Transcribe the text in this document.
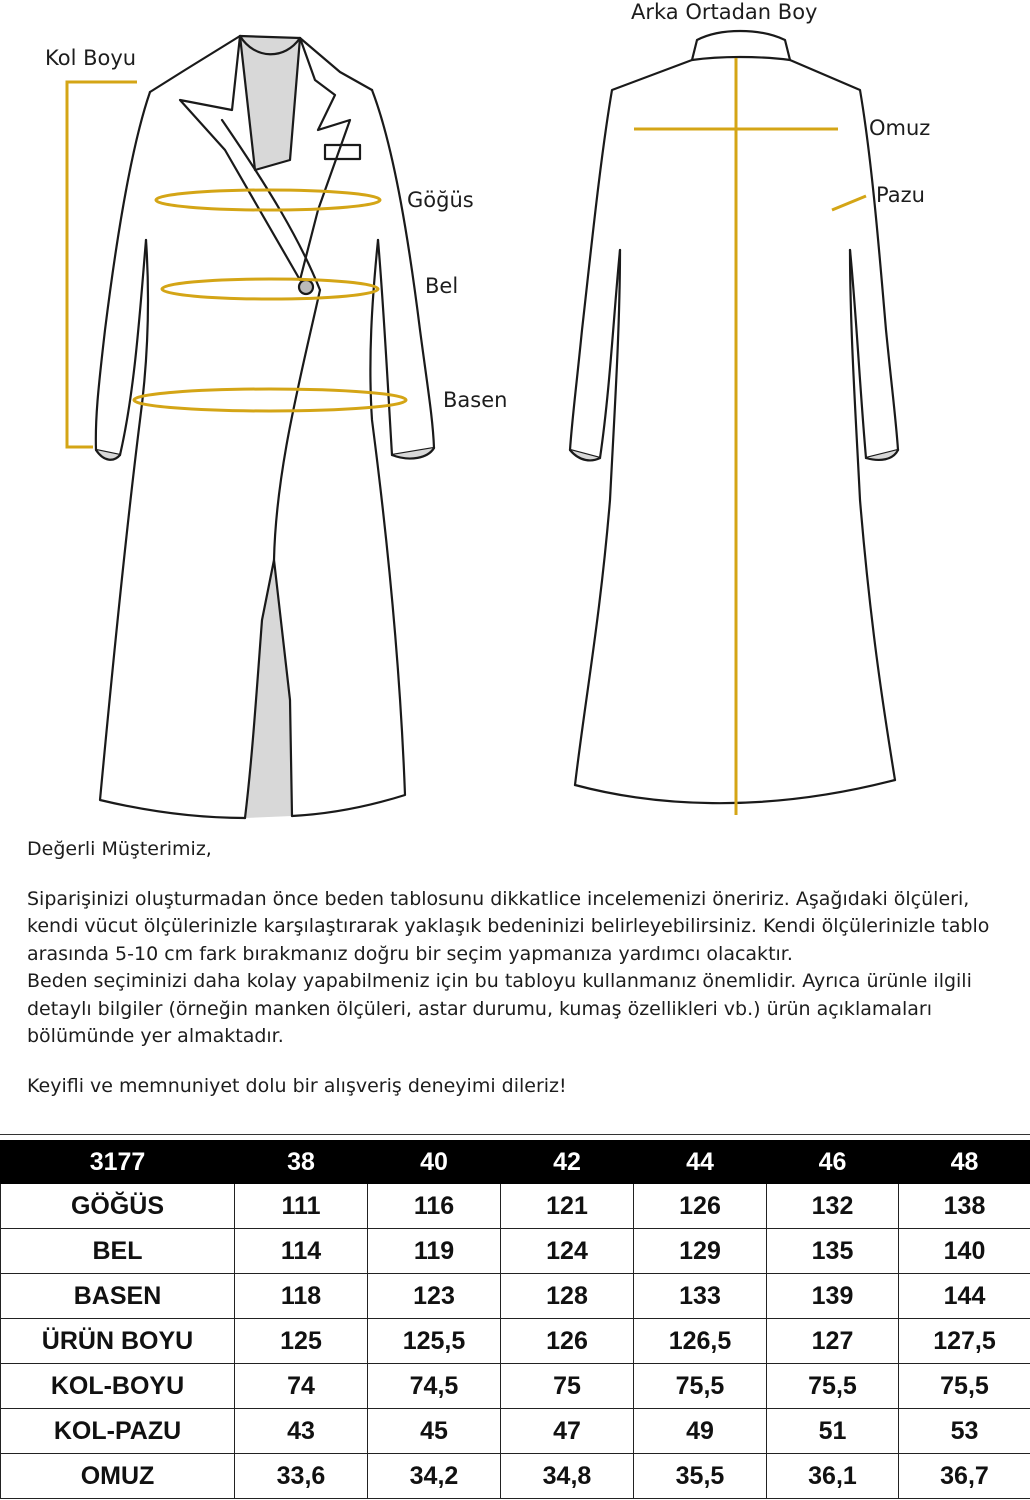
Kol Boyu
Arka Ortadan Boy
Omuz
Pazu
Göğüs
Bel
Basen

Değerli Müşterimiz,

Siparişinizi oluşturmadan önce beden tablosunu dikkatlice incelemenizi öneririz. Aşağıdaki ölçüleri, kendi vücut ölçülerinizle karşılaştırarak yaklaşık bedeninizi belirleyebilirsiniz. Kendi ölçülerinizle tablo arasında 5-10 cm fark bırakmanız doğru bir seçim yapmanıza yardımcı olacaktır.

Beden seçiminizi daha kolay yapabilmeniz için bu tabloyu kullanmanız önemlidir. Ayrıca ürünle ilgili detaylı bilgiler (örneğin manken ölçüleri, astar durumu, kumaş özellikleri vb.) ürün açıklamaları bölümünde yer almaktadır.

Keyifli ve memnuniyet dolu bir alışveriş deneyimi dileriz!

3177	38	40	42	44	46	48
GÖĞÜS	111	116	121	126	132	138
BEL	114	119	124	129	135	140
BASEN	118	123	128	133	139	144
ÜRÜN BOYU	125	125,5	126	126,5	127	127,5
KOL-BOYU	74	74,5	75	75,5	75,5	75,5
KOL-PAZU	43	45	47	49	51	53
OMUZ	33,6	34,2	34,8	35,5	36,1	36,7
